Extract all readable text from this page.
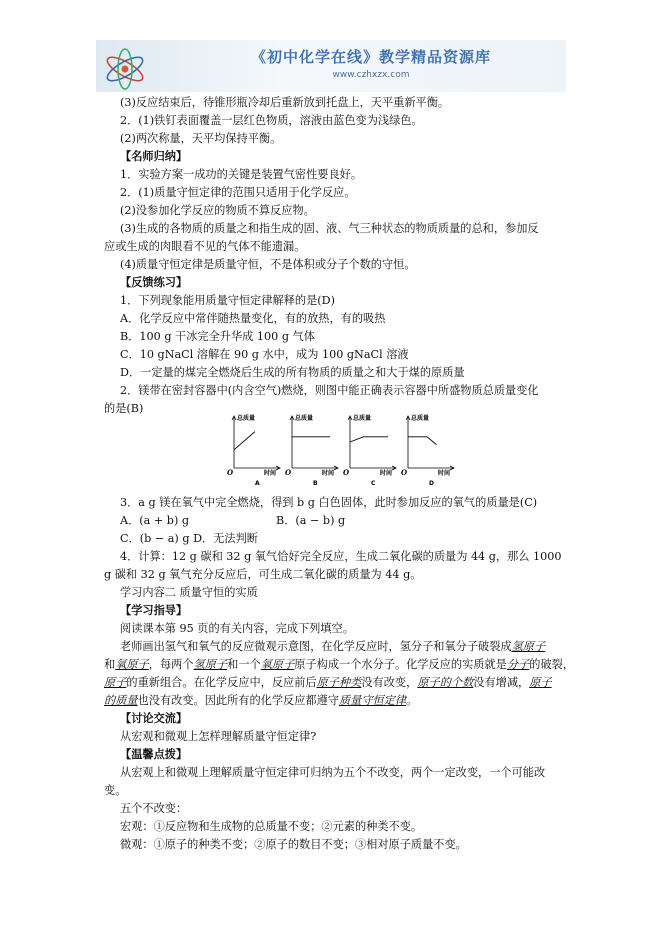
《初中化学在线》教学精品资源库
www.czhxzx.com
(3)反应结束后，待锥形瓶冷却后重新放到托盘上，天平重新平衡。
2．(1)铁钉表面覆盖一层红色物质，溶液由蓝色变为浅绿色。
(2)两次称量，天平均保持平衡。
【名师归纳】
1．实验方案一成功的关键是装置气密性要良好。
2．(1)质量守恒定律的范围只适用于化学反应。
(2)没参加化学反应的物质不算反应物。
(3)生成的各物质的质量之和指生成的固、液、气三种状态的物质质量的总和，参加反
应或生成的肉眼看不见的气体不能遗漏。
(4)质量守恒定律是质量守恒，不是体积或分子个数的守恒。
【反馈练习】
1．下列现象能用质量守恒定律解释的是(D)
A．化学反应中常伴随热量变化，有的放热，有的吸热
B．100 g 干冰完全升华成 100 g 气体
C．10 gNaCl 溶解在 90 g 水中，成为 100 gNaCl 溶液
D．一定量的煤完全燃烧后生成的所有物质的质量之和大于煤的原质量
2．镁带在密封容器中(内含空气)燃烧，则图中能正确表示容器中所盛物质总质量变化
的是(B)
3．a g 镁在氧气中完全燃烧，得到 b g 白色固体，此时参加反应的氧气的质量是(C)
A．(a + b) g	B．(a − b) g
C．(b − a) g D．无法判断
4．计算：12 g 碳和 32 g 氧气恰好完全反应，生成二氧化碳的质量为 44 g，那么 1000
g 碳和 32 g 氧气充分反应后，可生成二氧化碳的质量为 44 g。
学习内容二 质量守恒的实质
【学习指导】
阅读课本第 95 页的有关内容，完成下列填空。
老师画出氢气和氧气的反应微观示意图，在化学反应时，氢分子和氧分子破裂成氢原子
和氧原子，每两个氢原子和一个氧原子原子构成一个水分子。化学反应的实质就是分子的破裂，
原子的重新组合。在化学反应中，反应前后原子种类没有改变，原子的个数没有增减，原子
的质量也没有改变。因此所有的化学反应都遵守质量守恒定律。
【讨论交流】
从宏观和微观上怎样理解质量守恒定律?
【温馨点拨】
从宏观上和微观上理解质量守恒定律可归纳为五个不改变，两个一定改变，一个可能改
变。
五个不改变：
宏观：①反应物和生成物的总质量不变；②元素的种类不变。
微观：①原子的种类不变；②原子的数目不变；③相对原子质量不变。
总质量
时间
O
A
总质量
时间
O
B
总质量
时间
O
C
总质量
时间
O
D
